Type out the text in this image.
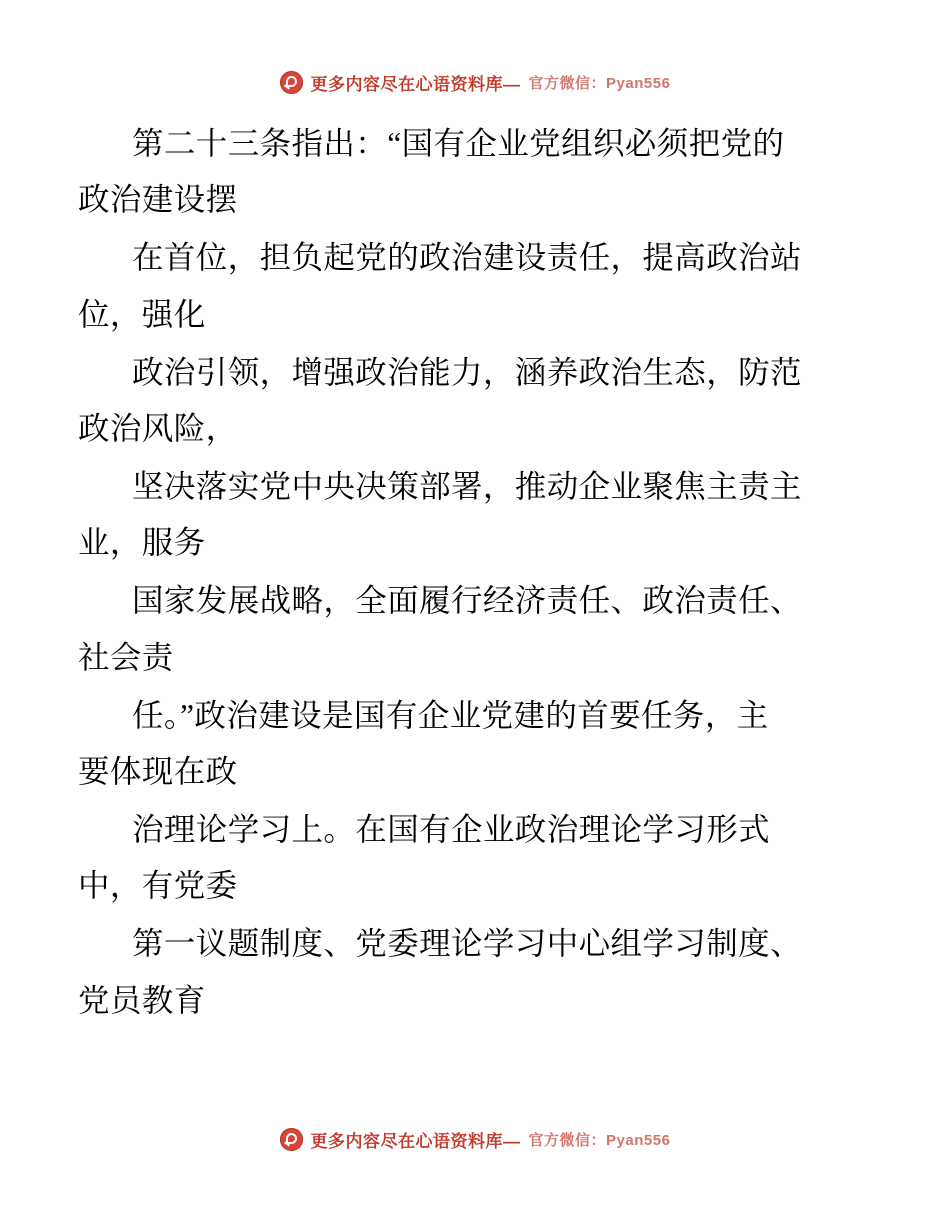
更多内容尽在心语资料库— 官方微信：Pyan556

第二十三条指出：“国有企业党组织必须把党的

政治建设摆

在首位，担负起党的政治建设责任，提高政治站

位，强化

政治引领，增强政治能力，涵养政治生态，防范

政治风险，

坚决落实党中央决策部署，推动企业聚焦主责主

业，服务

国家发展战略，全面履行经济责任、政治责任、

社会责

任。”政治建设是国有企业党建的首要任务，主

要体现在政

治理论学习上。在国有企业政治理论学习形式

中，有党委

第一议题制度、党委理论学习中心组学习制度、

党员教育

更多内容尽在心语资料库— 官方微信：Pyan556
